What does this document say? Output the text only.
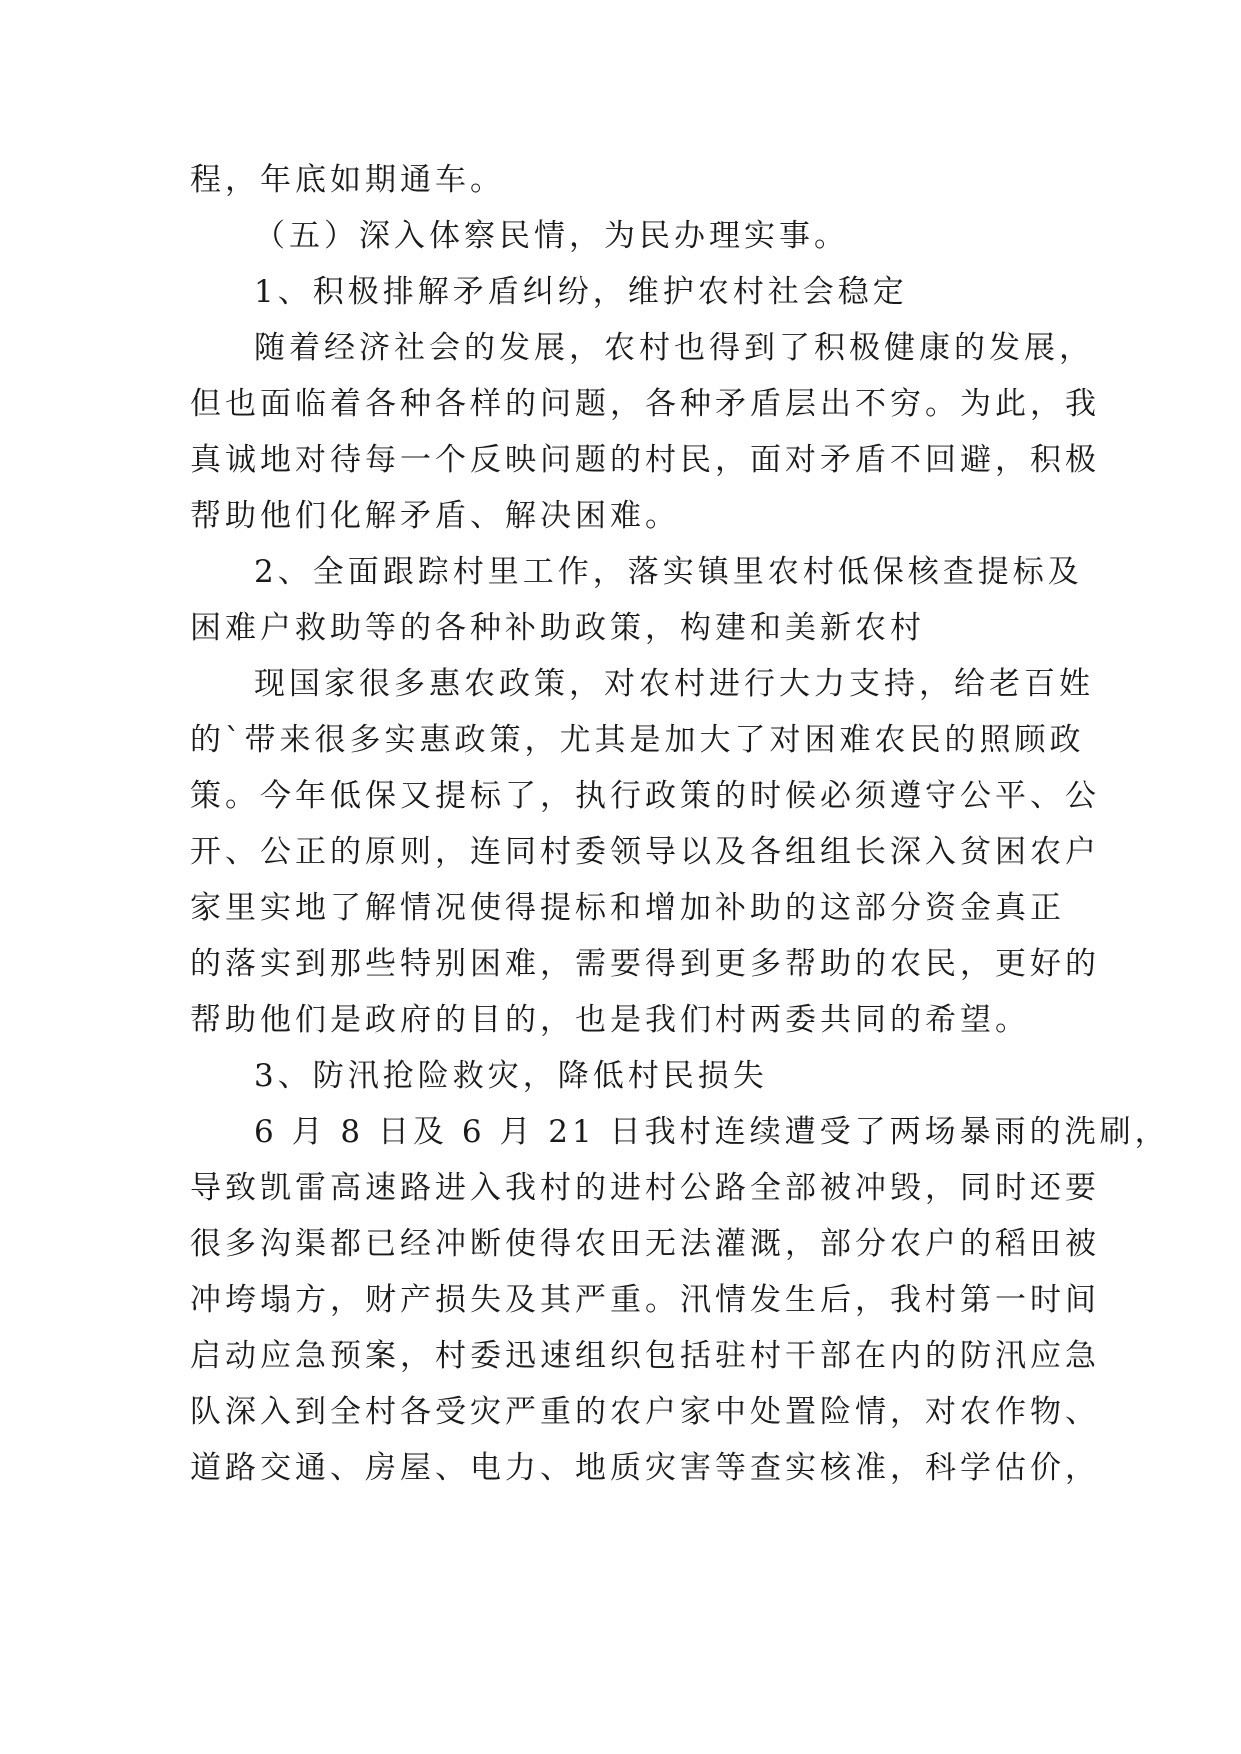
程，年底如期通车。
（五）深入体察民情，为民办理实事。
1、积极排解矛盾纠纷，维护农村社会稳定
随着经济社会的发展，农村也得到了积极健康的发展，
但也面临着各种各样的问题，各种矛盾层出不穷。为此，我
真诚地对待每一个反映问题的村民，面对矛盾不回避，积极
帮助他们化解矛盾、解决困难。
2、全面跟踪村里工作，落实镇里农村低保核查提标及
困难户救助等的各种补助政策，构建和美新农村
现国家很多惠农政策，对农村进行大力支持，给老百姓
的`带来很多实惠政策，尤其是加大了对困难农民的照顾政
策。今年低保又提标了，执行政策的时候必须遵守公平、公
开、公正的原则，连同村委领导以及各组组长深入贫困农户
家里实地了解情况使得提标和增加补助的这部分资金真正
的落实到那些特别困难，需要得到更多帮助的农民，更好的
帮助他们是政府的目的，也是我们村两委共同的希望。
3、防汛抢险救灾，降低村民损失
6 月 8 日及 6 月 21 日我村连续遭受了两场暴雨的洗刷，
导致凯雷高速路进入我村的进村公路全部被冲毁，同时还要
很多沟渠都已经冲断使得农田无法灌溉，部分农户的稻田被
冲垮塌方，财产损失及其严重。汛情发生后，我村第一时间
启动应急预案，村委迅速组织包括驻村干部在内的防汛应急
队深入到全村各受灾严重的农户家中处置险情，对农作物、
道路交通、房屋、电力、地质灾害等查实核准，科学估价，
